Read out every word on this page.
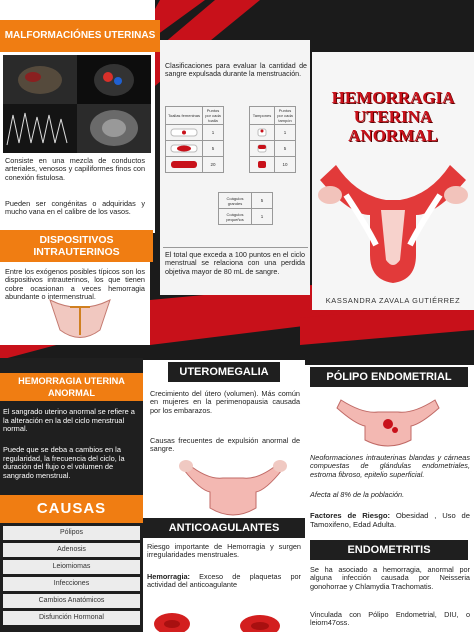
MALFORMACIÓNES UTERINAS
Consiste en una mezcla de conductos arteriales, venosos y capiliformes finos con conexión fistulosa.
Pueden ser congénitas o adquiridas y mucho vana en el calibre de los vasos.
DISPOSITIVOS INTRAUTERINOS
Entre los exógenos posibles típicos son los dispositivos intrauterinos, los que tienen cobre ocasionan a veces hemorragia abundante o intermenstrual.
Clasificaciones para evaluar la cantidad de sangre expulsada durante la menstruación.
Toallas femeninas	Puntos por cada toalla
	1
	5
	20
Tampones	Puntos por cada tampón
	1
	5
	10
Coágulos grandes	5
Coágulos pequeños	1
El total que exceda a 100 puntos en el ciclo menstrual se relaciona con una perdida objetiva mayor de 80 mL de sangre.
HEMORRAGIA
UTERINA
ANORMAL
KASSANDRA ZAVALA GUTIÉRREZ
HEMORRAGIA UTERINA ANORMAL
El sangrado uterino anormal se refiere a la alteración en la del ciclo menstrual normal.
Puede que se deba a cambios en la regularidad, la frecuencia del ciclo, la duración del flujo o el volumen de sangrado menstrual.
CAUSAS
Pólipos
Adenosis
Leiomiomas
Infecciones
Cambios Anatómicos
Disfunción Hormonal
UTEROMEGALIA
Crecimiento del útero (volumen). Más común en mujeres en la perimenopausia causada por los embarazos.
Causas frecuentes de expulsión anormal de sangre.
ANTICOAGULANTES
Riesgo importante de Hemorragia y surgen irregularidades menstruales.
Hemorragia: Exceso de plaquetas por actividad del anticoagulante
PÓLIPO ENDOMETRIAL
Neoformaciones intrauterinas blandas y cárneas compuestas de glándulas endometriales, estroma fibroso, epitelio superficial.
Afecta al 8% de la población.
Factores de Riesgo: Obesidad , Uso de Tamoxifeno, Edad Adulta.
ENDOMETRITIS
Se ha asociado a hemorragia, anormal por alguna infección causada por Neisseria gonohorrae y Chlamydia Trachomatis.
Vinculada con Pólipo Endometrial, DIU, o leiorn47oss.
